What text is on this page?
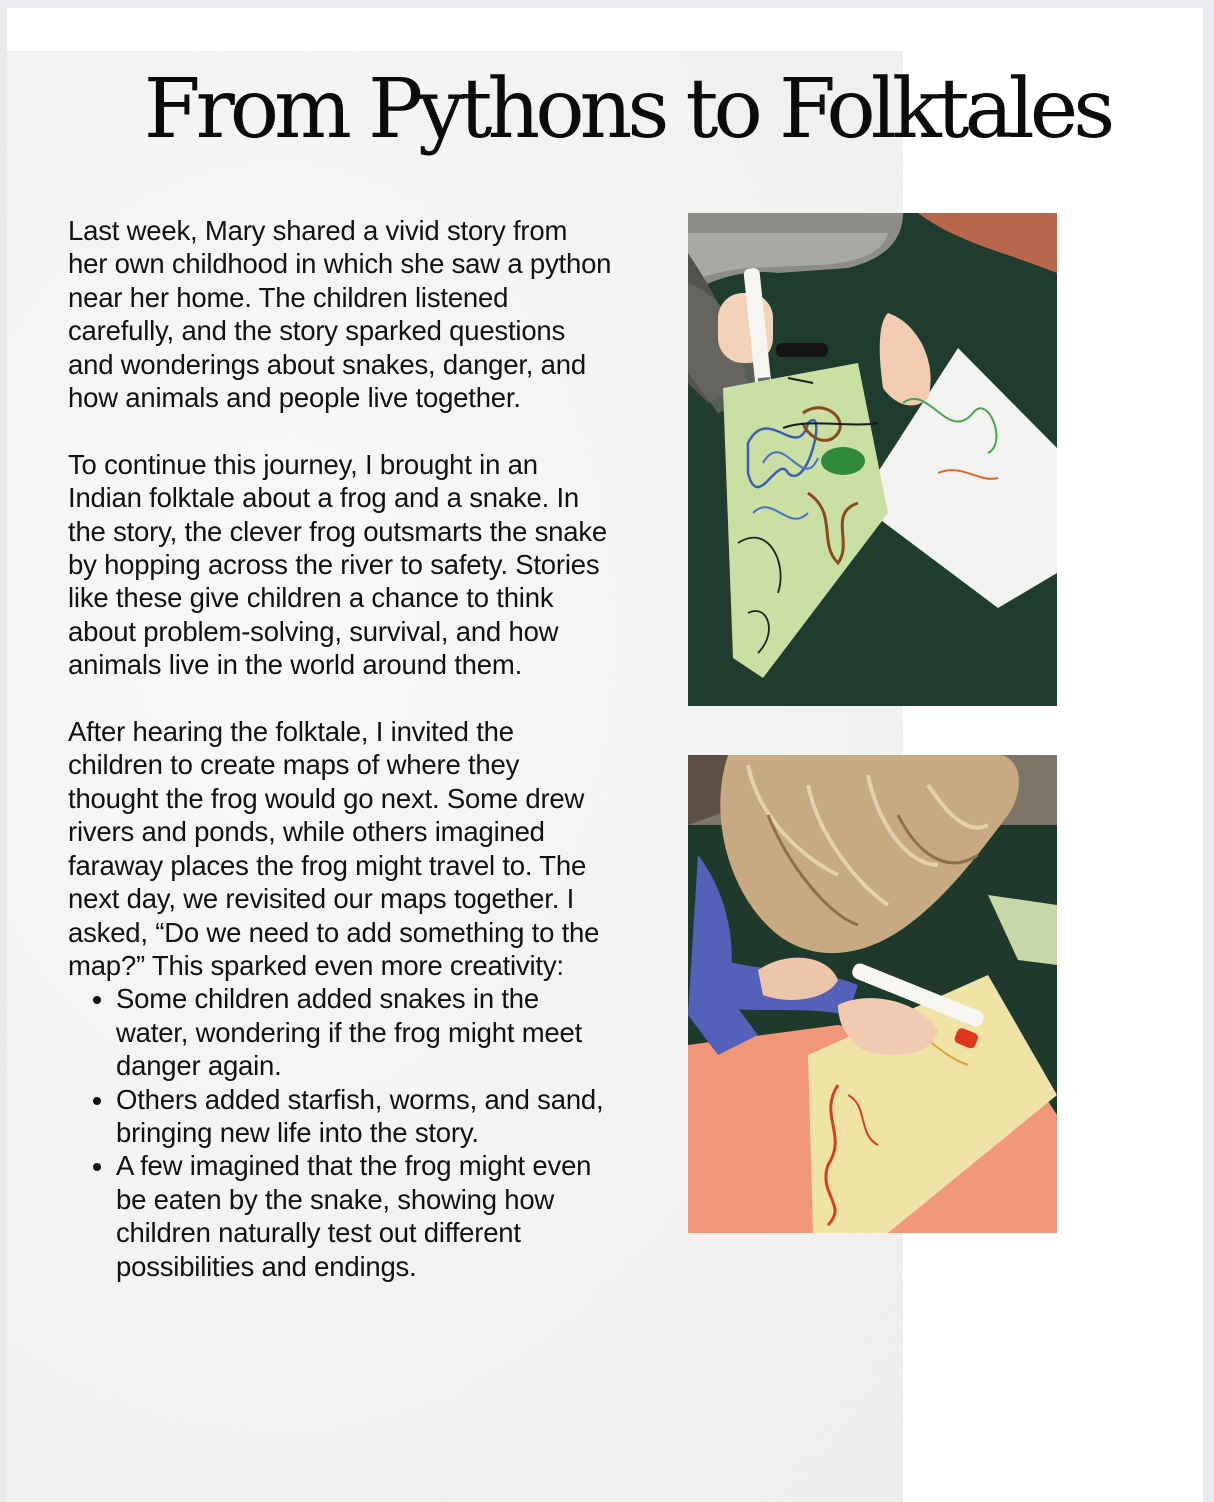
From Pythons to Folktales

Last week, Mary shared a vivid story from her own childhood in which she saw a python near her home. The children listened carefully, and the story sparked questions and wonderings about snakes, danger, and how animals and people live together.

To continue this journey, I brought in an Indian folktale about a frog and a snake. In the story, the clever frog outsmarts the snake by hopping across the river to safety. Stories like these give children a chance to think about problem-solving, survival, and how animals live in the world around them.

After hearing the folktale, I invited the children to create maps of where they thought the frog would go next. Some drew rivers and ponds, while others imagined faraway places the frog might travel to. The next day, we revisited our maps together. I asked, “Do we need to add something to the map?” This sparked even more creativity:

• Some children added snakes in the water, wondering if the frog might meet danger again.
• Others added starfish, worms, and sand, bringing new life into the story.
• A few imagined that the frog might even be eaten by the snake, showing how children naturally test out different possibilities and endings.
